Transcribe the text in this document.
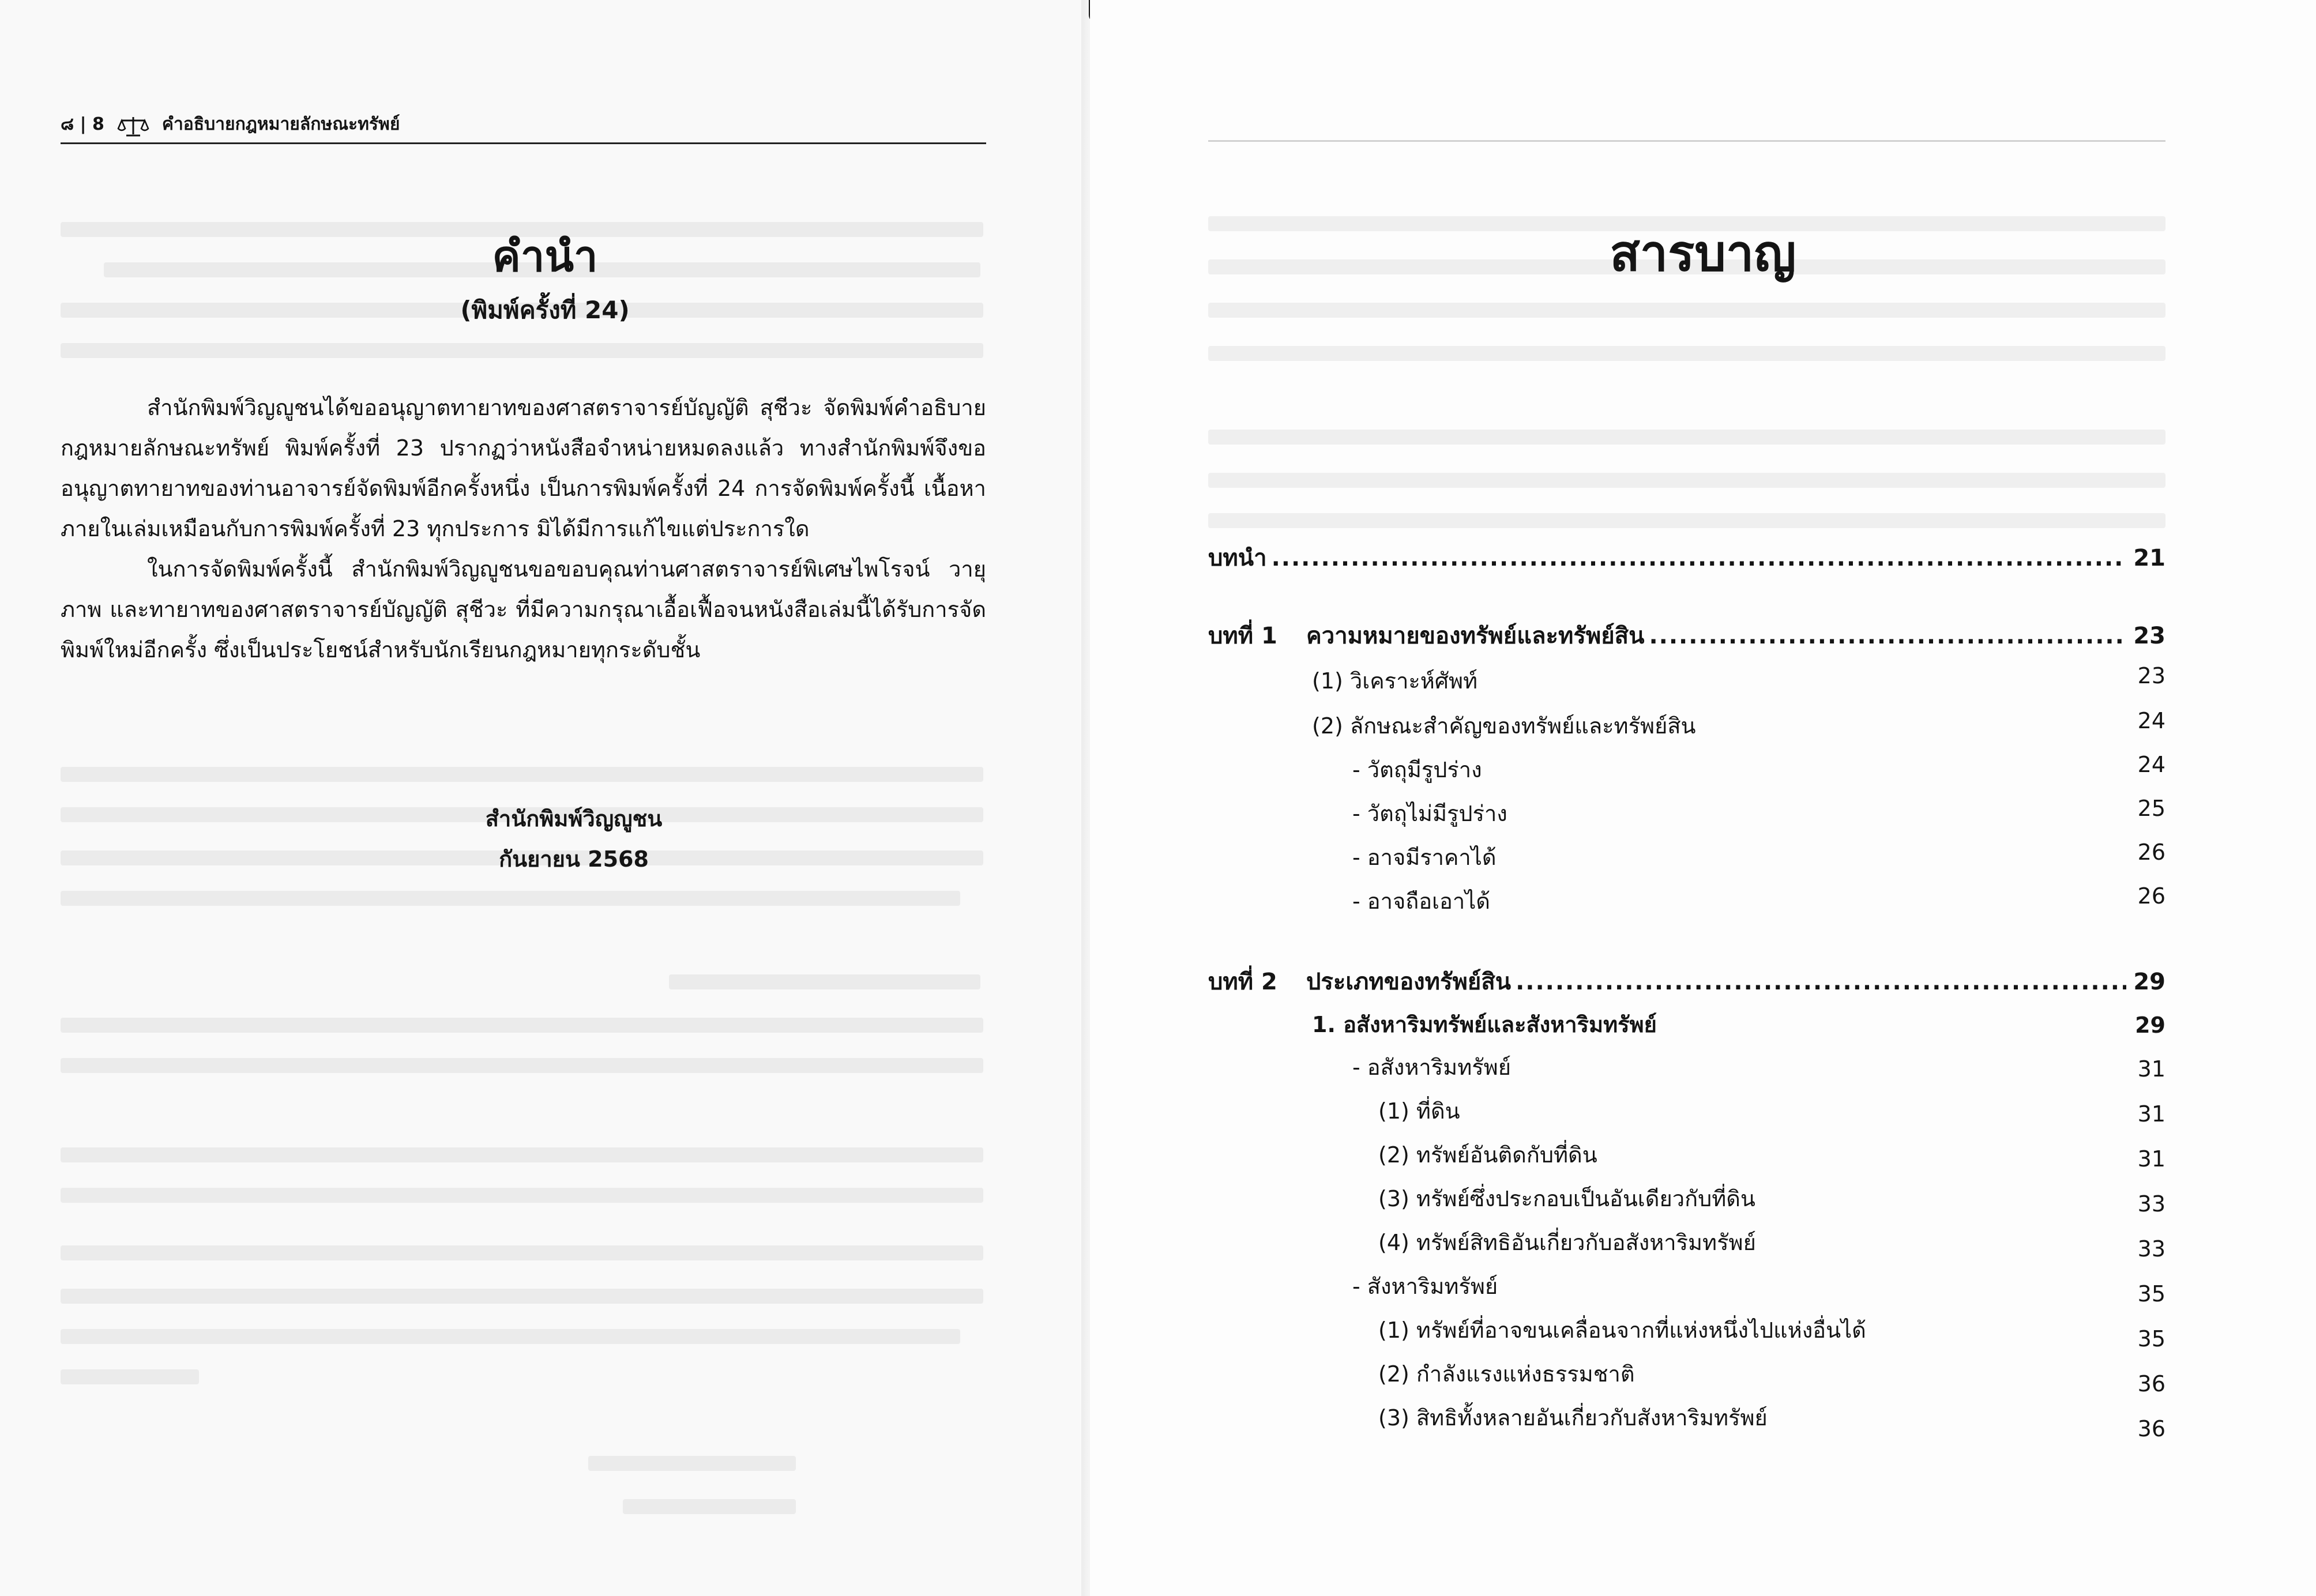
๘ | 8	คำอธิบายกฎหมายลักษณะทรัพย์
คำนำ
(พิมพ์ครั้งที่ 24)

สำนักพิมพ์วิญญูชนได้ขออนุญาตทายาทของศาสตราจารย์บัญญัติ สุชีวะ จัดพิมพ์คำอธิบายกฎหมายลักษณะทรัพย์ พิมพ์ครั้งที่ 23 ปรากฏว่าหนังสือจำหน่ายหมดลงแล้ว ทางสำนักพิมพ์จึงขออนุญาตทายาทของท่านอาจารย์จัดพิมพ์อีกครั้งหนึ่ง เป็นการพิมพ์ครั้งที่ 24 การจัดพิมพ์ครั้งนี้ เนื้อหาภายในเล่มเหมือนกับการพิมพ์ครั้งที่ 23 ทุกประการ มิได้มีการแก้ไขแต่ประการใด

ในการจัดพิมพ์ครั้งนี้ สำนักพิมพ์วิญญูชนขอขอบคุณท่านศาสตราจารย์พิเศษไพโรจน์ วายุภาพ และทายาทของศาสตราจารย์บัญญัติ สุชีวะ ที่มีความกรุณาเอื้อเฟื้อจนหนังสือเล่มนี้ได้รับการจัดพิมพ์ใหม่อีกครั้ง ซึ่งเป็นประโยชน์สำหรับนักเรียนกฎหมายทุกระดับชั้น

สำนักพิมพ์วิญญูชน
กันยายน 2568
สารบาญ
บทนำ .....	21
บทที่ 1	ความหมายของทรัพย์และทรัพย์สิน .....	23
(1) วิเคราะห์ศัพท์	23
(2) ลักษณะสำคัญของทรัพย์และทรัพย์สิน	24
- วัตถุมีรูปร่าง	24
- วัตถุไม่มีรูปร่าง	25
- อาจมีราคาได้	26
- อาจถือเอาได้	26
บทที่ 2	ประเภทของทรัพย์สิน .....	29
1. อสังหาริมทรัพย์และสังหาริมทรัพย์	29
- อสังหาริมทรัพย์	31
(1) ที่ดิน	31
(2) ทรัพย์อันติดกับที่ดิน	31
(3) ทรัพย์ซึ่งประกอบเป็นอันเดียวกับที่ดิน	33
(4) ทรัพย์สิทธิอันเกี่ยวกับอสังหาริมทรัพย์	33
- สังหาริมทรัพย์	35
(1) ทรัพย์ที่อาจขนเคลื่อนจากที่แห่งหนึ่งไปแห่งอื่นได้	35
(2) กำลังแรงแห่งธรรมชาติ	36
(3) สิทธิทั้งหลายอันเกี่ยวกับสังหาริมทรัพย์	36
